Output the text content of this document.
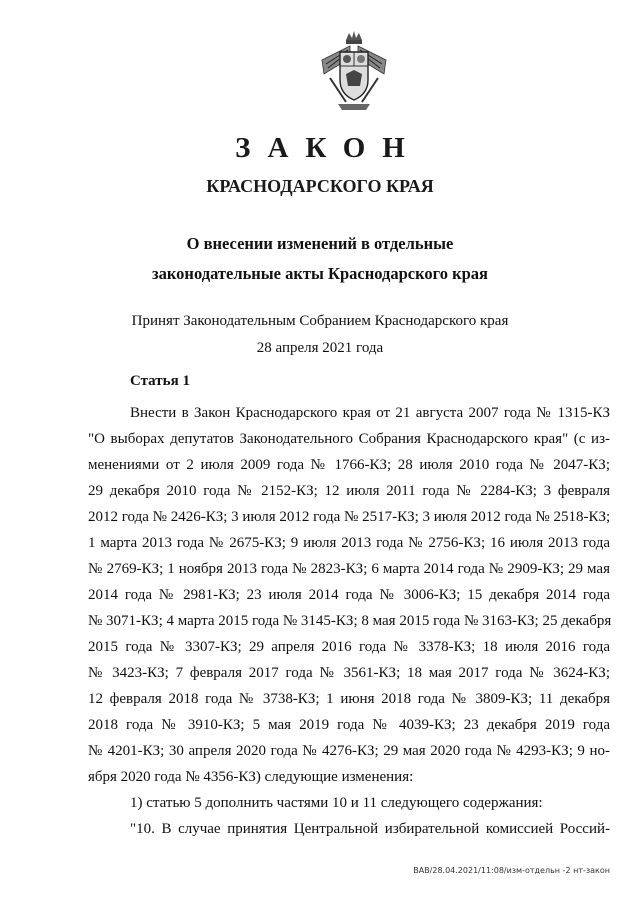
ЗАКОН
КРАСНОДАРСКОГО КРАЯ
О внесении изменений в отдельные
законодательные акты Краснодарского края
Принят Законодательным Собранием Краснодарского края
28 апреля 2021 года
Статья 1
Внести в Закон Краснодарского края от 21 августа 2007 года № 1315-КЗ
"О выборах депутатов Законодательного Собрания Краснодарского края" (с из-
менениями от 2 июля 2009 года № 1766-КЗ; 28 июля 2010 года № 2047-КЗ;
29 декабря 2010 года № 2152-КЗ; 12 июля 2011 года № 2284-КЗ; 3 февраля
2012 года № 2426-КЗ; 3 июля 2012 года № 2517-КЗ; 3 июля 2012 года № 2518-КЗ;
1 марта 2013 года № 2675-КЗ; 9 июля 2013 года № 2756-КЗ; 16 июля 2013 года
№ 2769-КЗ; 1 ноября 2013 года № 2823-КЗ; 6 марта 2014 года № 2909-КЗ; 29 мая
2014 года № 2981-КЗ; 23 июля 2014 года № 3006-КЗ; 15 декабря 2014 года
№ 3071-КЗ; 4 марта 2015 года № 3145-КЗ; 8 мая 2015 года № 3163-КЗ; 25 декабря
2015 года № 3307-КЗ; 29 апреля 2016 года № 3378-КЗ; 18 июля 2016 года
№ 3423-КЗ; 7 февраля 2017 года № 3561-КЗ; 18 мая 2017 года № 3624-КЗ;
12 февраля 2018 года № 3738-КЗ; 1 июня 2018 года № 3809-КЗ; 11 декабря
2018 года № 3910-КЗ; 5 мая 2019 года № 4039-КЗ; 23 декабря 2019 года
№ 4201-КЗ; 30 апреля 2020 года № 4276-КЗ; 29 мая 2020 года № 4293-КЗ; 9 но-
ября 2020 года № 4356-КЗ) следующие изменения:
1) статью 5 дополнить частями 10 и 11 следующего содержания:
"10. В случае принятия Центральной избирательной комиссией Россий-
ВАВ/28.04.2021/11:08/изм-отдельн -2 нт-закон
